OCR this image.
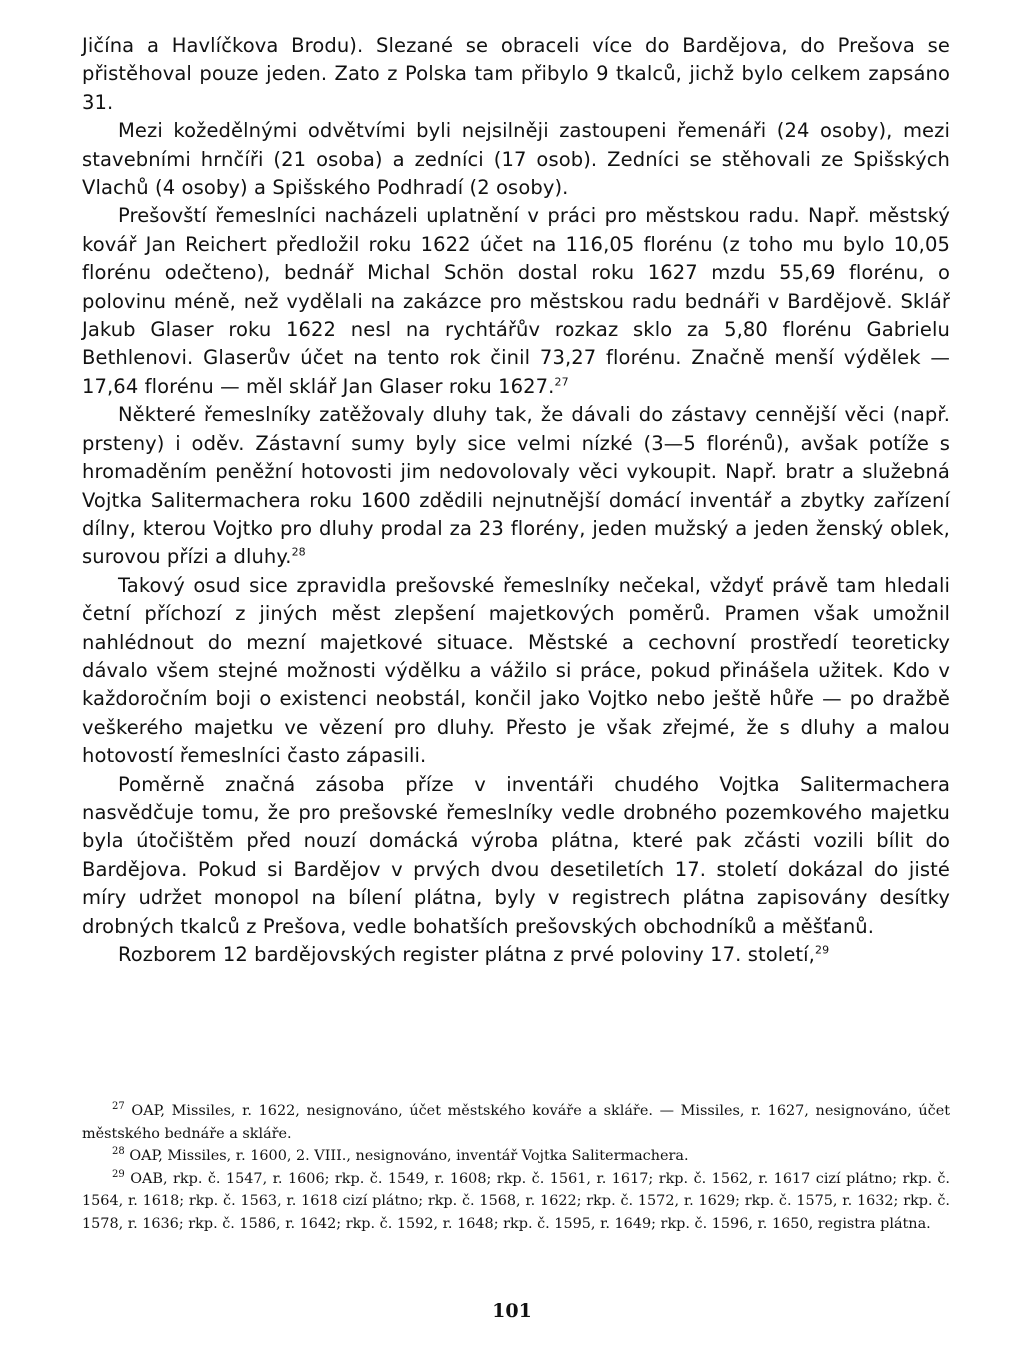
Jičína a Havlíčkova Brodu). Slezané se obraceli více do Bardějova, do Prešova se přistěhoval pouze jeden. Zato z Polska tam přibylo 9 tkalců, jichž bylo celkem zapsáno 31.

Mezi kožedělnými odvětvími byli nejsilněji zastoupeni řemenáři (24 osoby), mezi stavebními hrnčíři (21 osoba) a zedníci (17 osob). Zedníci se stěhovali ze Spišských Vlachů (4 osoby) a Spišského Podhradí (2 osoby).

Prešovští řemeslníci nacházeli uplatnění v práci pro městskou radu. Např. městský kovář Jan Reichert předložil roku 1622 účet na 116,05 florénu (z toho mu bylo 10,05 florénu odečteno), bednář Michal Schön dostal roku 1627 mzdu 55,69 florénu, o polovinu méně, než vydělali na zakázce pro městskou radu bednáři v Bardějově. Sklář Jakub Glaser roku 1622 nesl na rychtářův rozkaz sklo za 5,80 florénu Gabrielu Bethlenovi. Glaserův účet na tento rok činil 73,27 florénu. Značně menší výdělek — 17,64 florénu — měl sklář Jan Glaser roku 1627.27

Některé řemeslníky zatěžovaly dluhy tak, že dávali do zástavy cennější věci (např. prsteny) i oděv. Zástavní sumy byly sice velmi nízké (3—5 florénů), avšak potíže s hromaděním peněžní hotovosti jim nedovolovaly věci vykoupit. Např. bratr a služebná Vojtka Salitermachera roku 1600 zdědili nejnutnější domácí inventář a zbytky zařízení dílny, kterou Vojtko pro dluhy prodal za 23 florény, jeden mužský a jeden ženský oblek, surovou přízi a dluhy.$^{28}$

Takový osud sice zpravidla prešovské řemeslníky nečekal, vždyť právě tam hledali četní příchozí z jiných měst zlepšení majetkových poměrů. Pramen však umožnil nahlédnout do mezní majetkové situace. Městské a cechovní prostředí teoreticky dávalo všem stejné možnosti výdělku a vážilo si práce, pokud přinášela užitek. Kdo v každoročním boji o existenci neobstál, končil jako Vojtko nebo ještě hůře — po dražbě veškerého majetku ve vězení pro dluhy. Přesto je však zřejmé, že s dluhy a malou hotovostí řemeslníci často zápasili.

Poměrně značná zásoba příze v inventáři chudého Vojtka Salitermachera nasvědčuje tomu, že pro prešovské řemeslníky vedle drobného pozemkového majetku byla útočištěm před nouzí domácká výroba plátna, které pak zčásti vozili bílit do Bardějova. Pokud si Bardějov v prvých dvou desetiletích 17. století dokázal do jisté míry udržet monopol na bílení plátna, byly v registrech plátna zapisovány desítky drobných tkalců z Prešova, vedle bohatších prešovských obchodníků a měšťanů.

Rozborem 12 bardějovských register plátna z prvé poloviny 17. století,$^{29}$

$^{27}$ OAP, Missiles, r. 1622, nesignováno, účet městského kováře a skláře. — Missiles, r. 1627, nesignováno, účet městského bednáře a skláře.

$^{28}$ OAP, Missiles, r. 1600, 2. VIII., nesignováno, inventář Vojtka Salitermachera.

$^{29}$ OAB, rkp. č. 1547, r. 1606; rkp. č. 1549, r. 1608; rkp. č. 1561, r. 1617; rkp. č. 1562, r. 1617 cizí plátno; rkp. č. 1564, r. 1618; rkp. č. 1563, r. 1618 cizí plátno; rkp. č. 1568, r. 1622; rkp. č. 1572, r. 1629; rkp. č. 1575, r. 1632; rkp. č. 1578, r. 1636; rkp. č. 1586, r. 1642; rkp. č. 1592, r. 1648; rkp. č. 1595, r. 1649; rkp. č. 1596, r. 1650, registra plátna.

101
